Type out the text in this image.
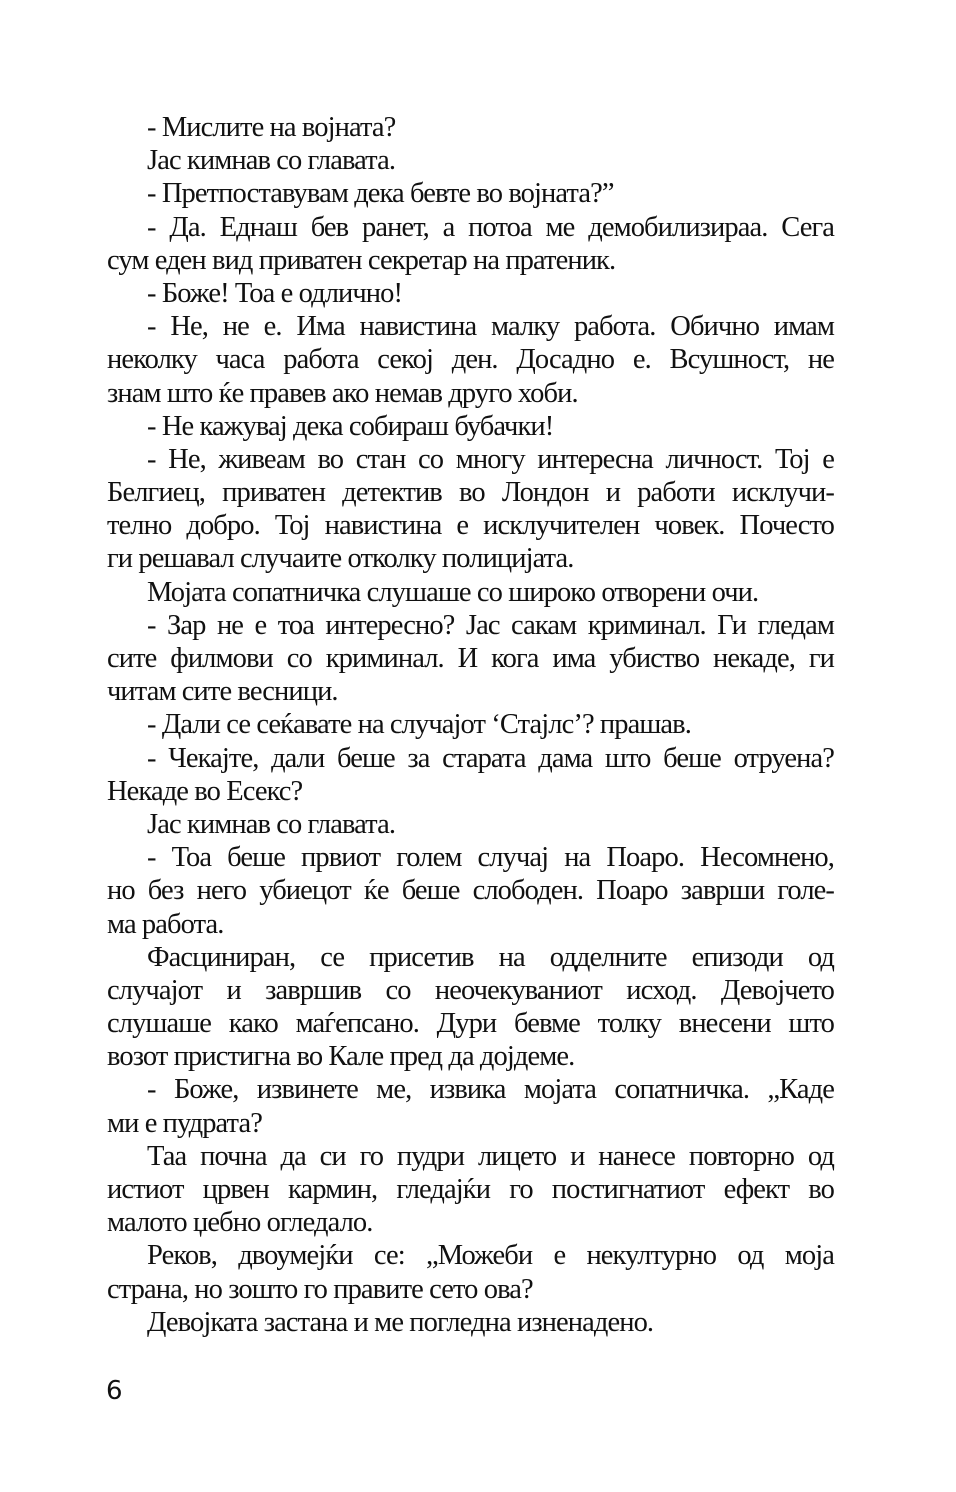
- Мислите на војната?
Јас кимнав со главата.
- Претпоставувам дека бевте во војната?”
- Да. Еднаш бев ранет, а потоа ме демобилизираа. Сега
сум еден вид приватен секретар на пратеник.
- Боже! Тоа е одлично!
- Не, не е. Има навистина малку работа. Обично имам
неколку часа работа секој ден. Досадно е. Всушност, не
знам што ќе правев ако немав друго хоби.
- Не кажувај дека собираш бубачки!
- Не, живеам во стан со многу интересна личност. Тој е
Белгиец, приватен детектив во Лондон и работи исклучи-
телно добро. Тој навистина е исклучителен човек. Почесто
ги решавал случаите отколку полицијата.
Мојата сопатничка слушаше со широко отворени очи.
- Зар не е тоа интересно? Јас сакам криминал. Ги гледам
сите филмови со криминал. И кога има убиство некаде, ги
читам сите весници.
- Дали се сеќавате на случајот ‘Стајлс’? прашав.
- Чекајте, дали беше за старата дама што беше отруена?
Некаде во Есекс?
Јас кимнав со главата.
- Тоа беше првиот голем случај на Поаро. Несомнено,
но без него убиецот ќе беше слободен. Поаро заврши голе-
ма работа.
Фасциниран, се присетив на одделните епизоди од
случајот и завршив со неочекуваниот исход. Девојчето
слушаше како маѓепсано. Дури бевме толку внесени што
возот пристигна во Кале пред да дојдеме.
- Боже, извинете ме, извика мојата сопатничка. „Каде
ми е пудрата?
Таа почна да си го пудри лицето и нанесе повторно од
истиот црвен кармин, гледајќи го постигнатиот ефект во
малото џебно огледало.
Реков, двоумејќи се: „Можеби е некултурно од моја
страна, но зошто го правите сето ова?
Девојката застана и ме погледна изненадено.
6
